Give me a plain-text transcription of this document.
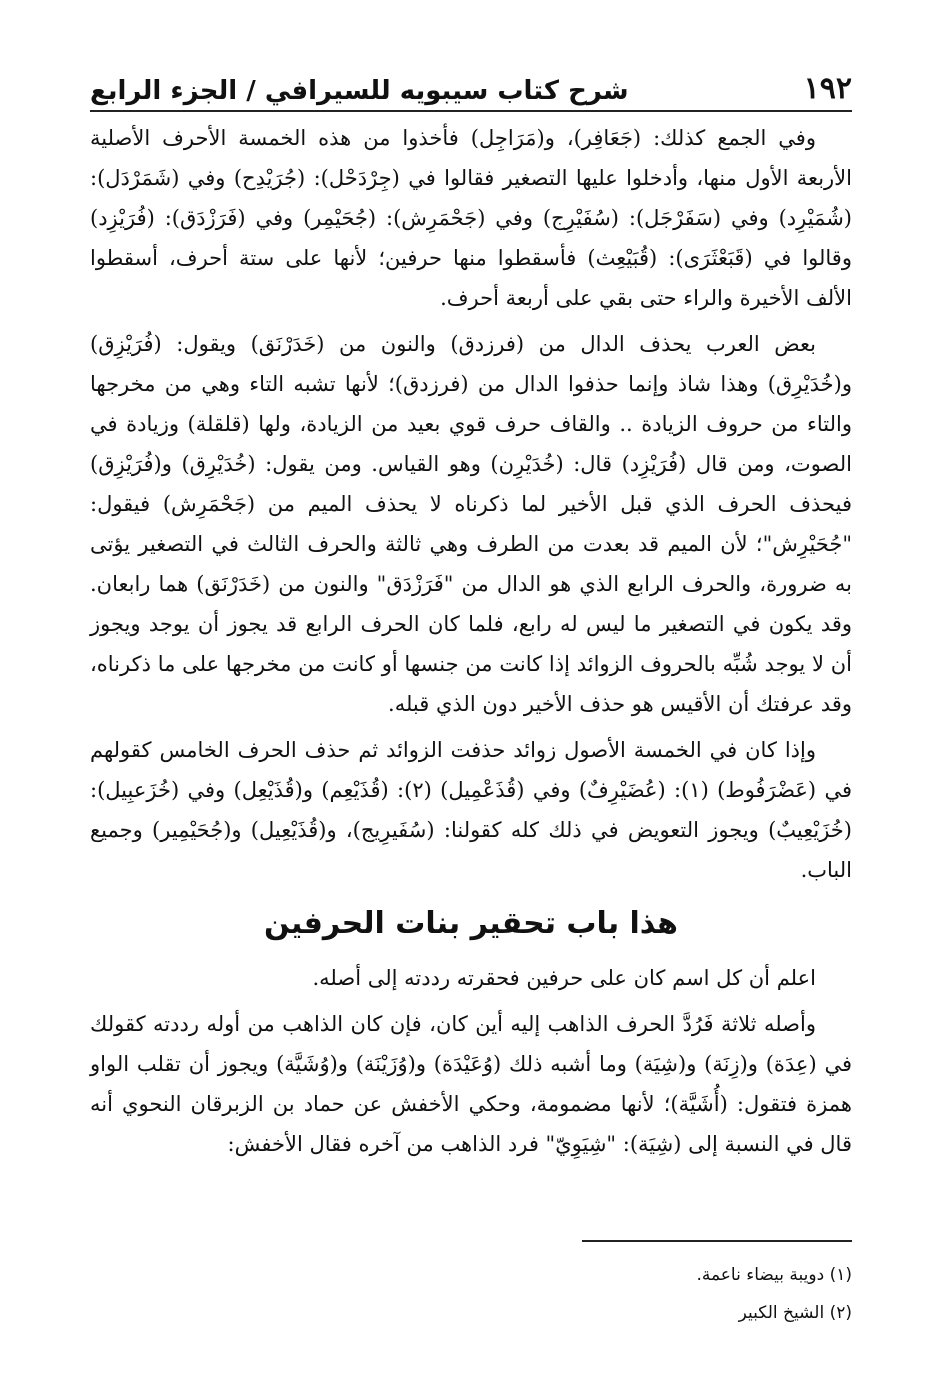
١٩٢
شرح كتاب سيبويه للسيرافي / الجزء الرابع

وفي الجمع كذلك: (جَعَافِر)، و(مَرَاجِل) فأخذوا من هذه الخمسة الأحرف الأصلية الأربعة الأول منها، وأدخلوا عليها التصغير فقالوا في (جِرْدَحْل): (جُرَيْدِح) وفي (شَمَرْدَل): (شُمَيْرِد) وفي (سَفَرْجَل): (سُفَيْرِج) وفي (جَحْمَرِش): (جُحَيْمِر) وفي (فَرَزْدَق): (فُرَيْزِد) وقالوا في (قَبَعْثَرَى): (قُبَيْعِث) فأسقطوا منها حرفين؛ لأنها على ستة أحرف، أسقطوا الألف الأخيرة والراء حتى بقي على أربعة أحرف.

بعض العرب يحذف الدال من (فرزدق) والنون من (خَدَرْنَق) ويقول: (فُرَيْزِق) و(خُدَيْرِق) وهذا شاذ وإنما حذفوا الدال من (فرزدق)؛ لأنها تشبه التاء وهي من مخرجها والتاء من حروف الزيادة .. والقاف حرف قوي بعيد من الزيادة، ولها (قلقلة) وزيادة في الصوت، ومن قال (فُرَيْزِد) قال: (خُدَيْرِن) وهو القياس. ومن يقول: (خُدَيْرِق) و(فُرَيْزِق) فيحذف الحرف الذي قبل الأخير لما ذكرناه لا يحذف الميم من (جَحْمَرِش) فيقول: "جُحَيْرِش"؛ لأن الميم قد بعدت من الطرف وهي ثالثة والحرف الثالث في التصغير يؤتى به ضرورة، والحرف الرابع الذي هو الدال من "فَرَزْدَق" والنون من (خَدَرْنَق) هما رابعان. وقد يكون في التصغير ما ليس له رابع، فلما كان الحرف الرابع قد يجوز أن يوجد ويجوز أن لا يوجد شُبِّه بالحروف الزوائد إذا كانت من جنسها أو كانت من مخرجها على ما ذكرناه، وقد عرفتك أن الأقيس هو حذف الأخير دون الذي قبله.

وإذا كان في الخمسة الأصول زوائد حذفت الزوائد ثم حذف الحرف الخامس كقولهم في (عَضْرَفُوط) (١): (عُضَيْرِفٌ) وفي (قُذَعْمِيل) (٢): (قُذَيْعِم) و(قُذَيْعِل) وفي (خُزَعبِيل): (خُزَيْعِيبٌ) ويجوز التعويض في ذلك كله كقولنا: (سُفَيرِيج)، و(قُذَيْعِيل) و(جُحَيْمِير) وجميع الباب.

هذا باب تحقير بنات الحرفين

اعلم أن كل اسم كان على حرفين فحقرته رددته إلى أصله.

وأصله ثلاثة فَرُدَّ الحرف الذاهب إليه أين كان، فإن كان الذاهب من أوله رددته كقولك في (عِدَة) و(زِنَة) و(شِيَة) وما أشبه ذلك (وُعَيْدَة) و(وُزَيْنَة) و(وُشَيَّة) ويجوز أن تقلب الواو همزة فتقول: (أُشَيَّة)؛ لأنها مضمومة، وحكي الأخفش عن حماد بن الزبرقان النحوي أنه قال في النسبة إلى (شِيَة): "شِيَوِيّ" فرد الذاهب من آخره فقال الأخفش:

(١) دويبة بيضاء ناعمة.
(٢) الشيخ الكبير
